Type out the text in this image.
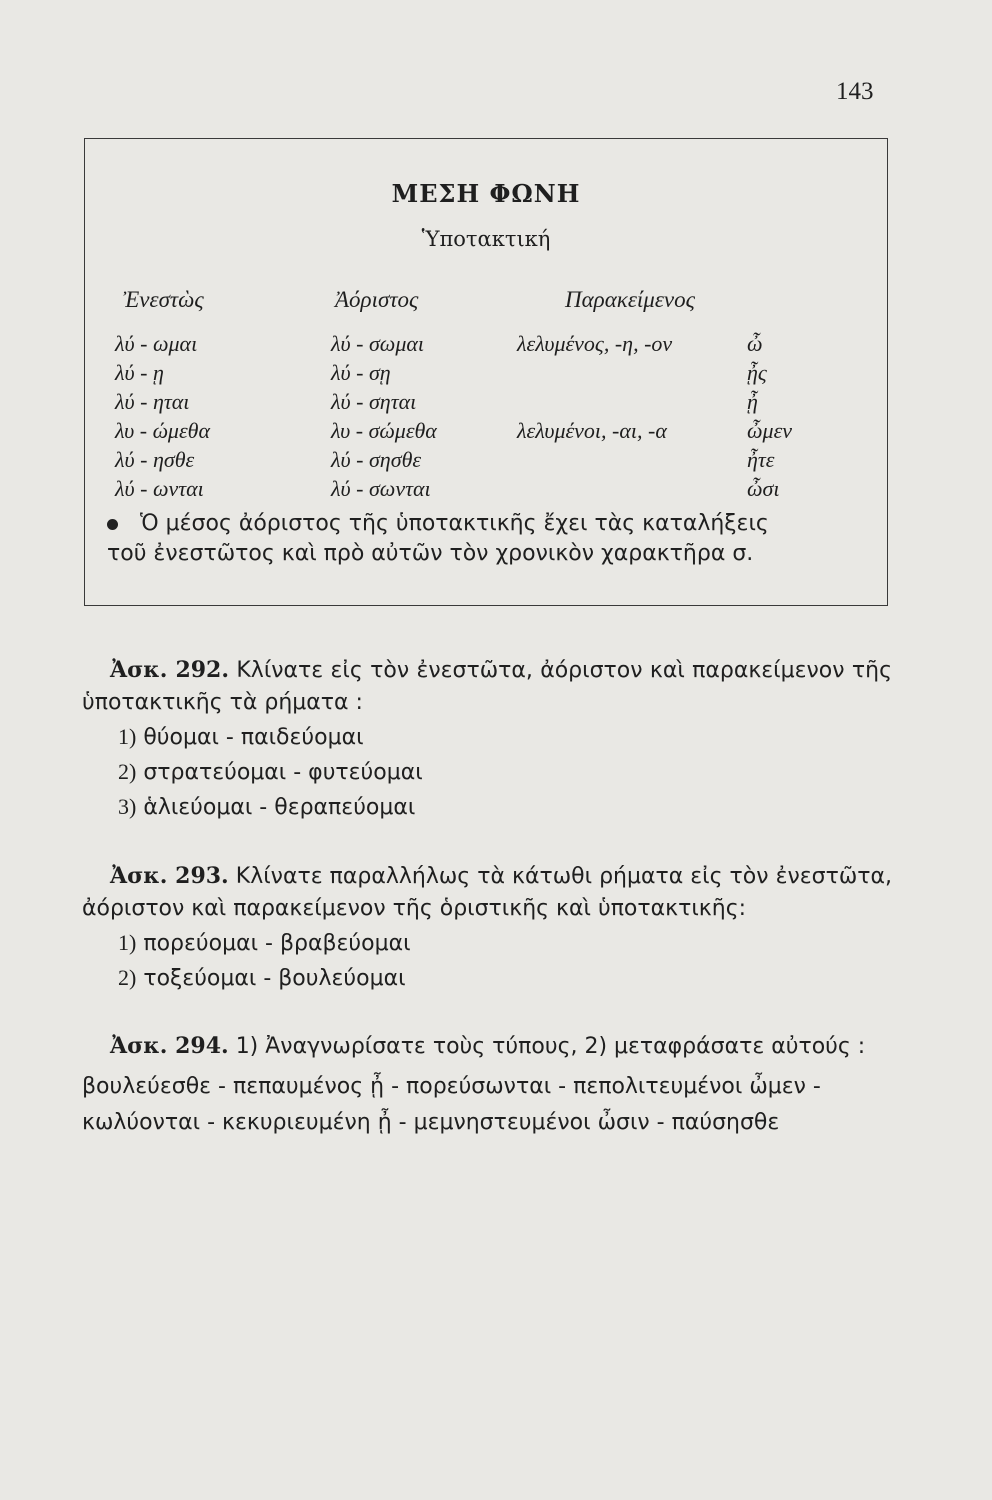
143
ΜΕΣΗ ΦΩΝΗ
Ὑποτακτική
Ἐνεστὼς	Ἀόριστος	Παρακείμενος
λύ - ωμαι
λύ - ῃ
λύ - ηται
λυ - ώμεθα
λύ - ησθε
λύ - ωνται
λύ - σωμαι
λύ - σῃ
λύ - σηται
λυ - σώμεθα
λύ - σησθε
λύ - σωνται
λελυμένος, -η, -ον
λελυμένοι, -αι, -α
ὦ
ᾖς
ᾖ
ὦμεν
ἦτε
ὦσι
Ὁ μέσος ἀόριστος τῆς ὑποτακτικῆς ἔχει τὰς καταλήξεις
τοῦ ἐνεστῶτος καὶ πρὸ αὐτῶν τὸν χρονικὸν χαρακτῆρα σ.
Ἀσκ. 292. Κλίνατε εἰς τὸν ἐνεστῶτα, ἀόριστον καὶ παρακείμενον τῆς ὑποτακτικῆς τὰ ρήματα :
1) θύομαι - παιδεύομαι
2) στρατεύομαι - φυτεύομαι
3) ἁλιεύομαι - θεραπεύομαι
Ἀσκ. 293. Κλίνατε παραλλήλως τὰ κάτωθι ρήματα εἰς τὸν ἐνεστῶτα, ἀόριστον καὶ παρακείμενον τῆς ὁριστικῆς καὶ ὑποτακτικῆς:
1) πορεύομαι - βραβεύομαι
2) τοξεύομαι - βουλεύομαι
Ἀσκ. 294. 1) Ἀναγνωρίσατε τοὺς τύπους, 2) μεταφράσατε αὐτούς :
βουλεύεσθε - πεπαυμένος ᾖ - πορεύσωνται - πεπολιτευμένοι ὦμεν -
κωλύονται - κεκυριευμένη ᾖ - μεμνηστευμένοι ὦσιν - παύσησθε
